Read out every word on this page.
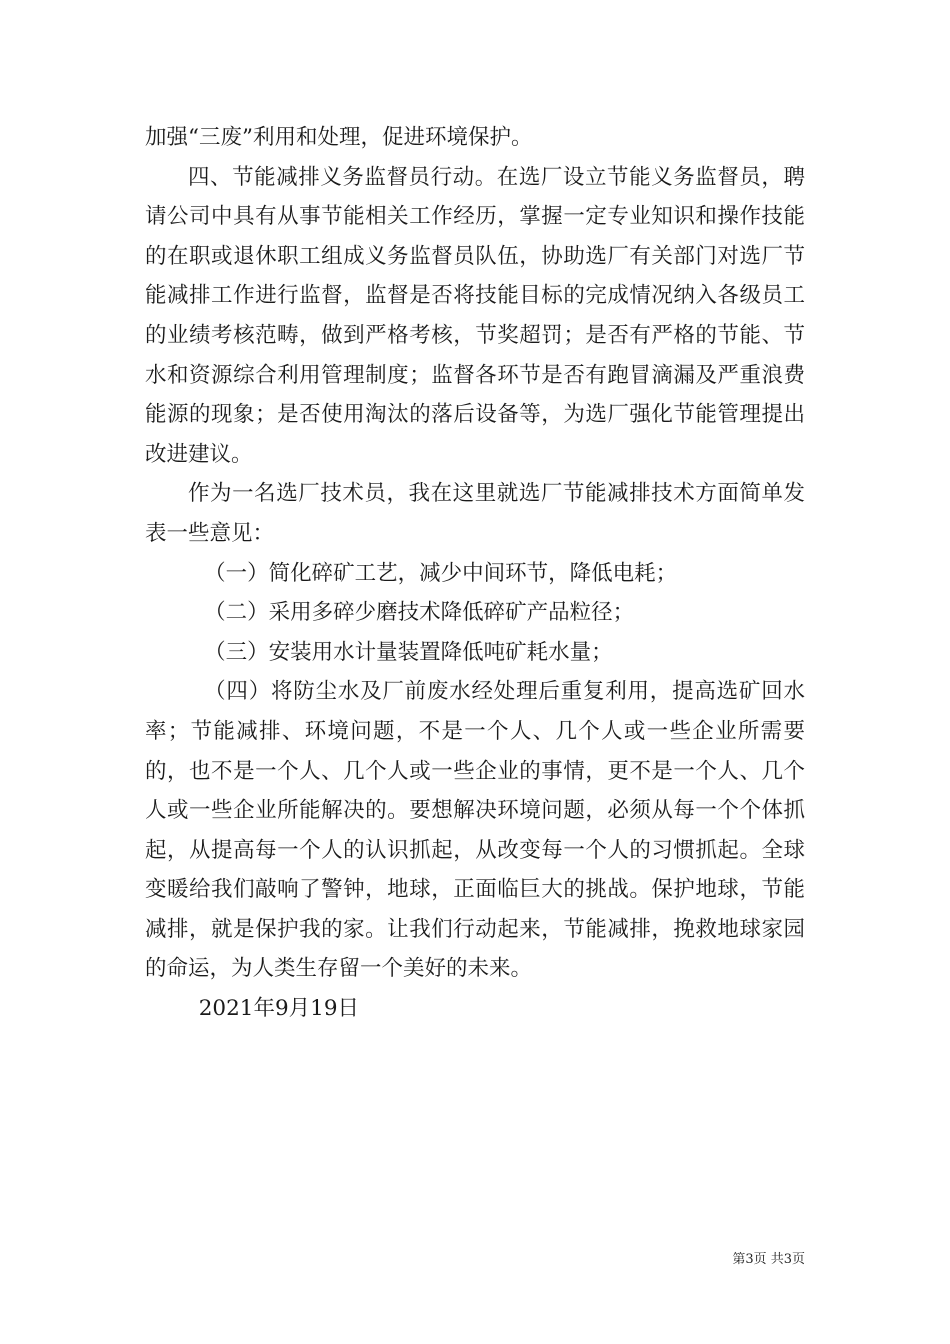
加强“三废”利用和处理，促进环境保护。

四、节能减排义务监督员行动。在选厂设立节能义务监督员，聘请公司中具有从事节能相关工作经历，掌握一定专业知识和操作技能的在职或退休职工组成义务监督员队伍，协助选厂有关部门对选厂节能减排工作进行监督，监督是否将技能目标的完成情况纳入各级员工的业绩考核范畴，做到严格考核，节奖超罚；是否有严格的节能、节水和资源综合利用管理制度；监督各环节是否有跑冒滴漏及严重浪费能源的现象；是否使用淘汰的落后设备等，为选厂强化节能管理提出改进建议。

作为一名选厂技术员，我在这里就选厂节能减排技术方面简单发表一些意见：

（一）简化碎矿工艺，减少中间环节，降低电耗；

（二）采用多碎少磨技术降低碎矿产品粒径；

（三）安装用水计量装置降低吨矿耗水量；

（四）将防尘水及厂前废水经处理后重复利用，提高选矿回水率；节能减排、环境问题，不是一个人、几个人或一些企业所需要的，也不是一个人、几个人或一些企业的事情，更不是一个人、几个人或一些企业所能解决的。要想解决环境问题，必须从每一个个体抓起，从提高每一个人的认识抓起，从改变每一个人的习惯抓起。全球变暖给我们敲响了警钟，地球，正面临巨大的挑战。保护地球，节能减排，就是保护我的家。让我们行动起来，节能减排，挽救地球家园的命运，为人类生存留一个美好的未来。

2021年9月19日

第3页 共3页
